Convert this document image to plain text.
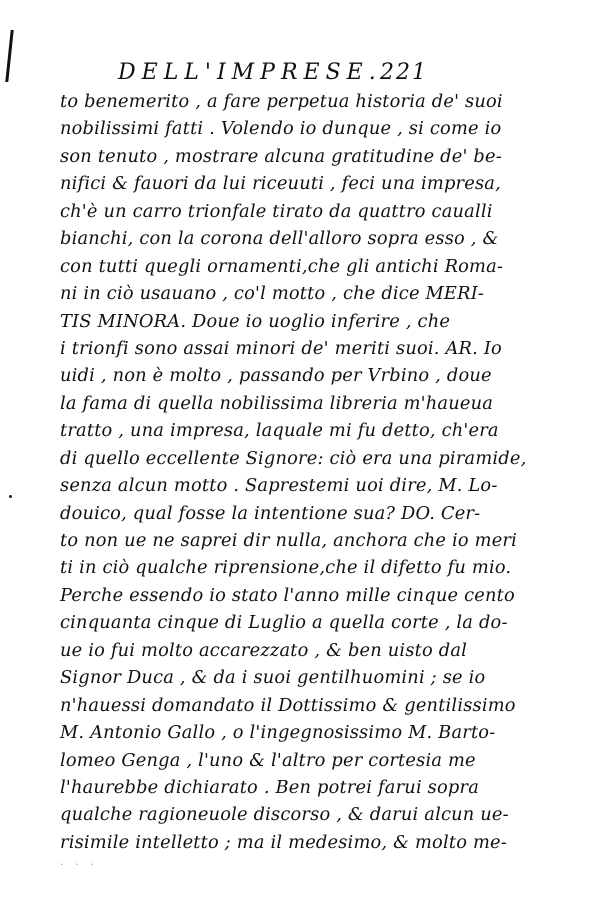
DELL'IMPRESE.
221
to benemerito , a fare perpetua historia de' suoi
nobilissimi fatti . Volendo io dunque , si come io
son tenuto , mostrare alcuna gratitudine de' be-
nifici & fauori da lui riceuuti , feci una impresa,
ch'è un carro trionfale tirato da quattro caualli
bianchi, con la corona dell'alloro sopra esso , &
con tutti quegli ornamenti,che gli antichi Roma-
ni in ciò usauano , co'l motto , che dice MERI-
TIS MINORA. Doue io uoglio inferire , che
i trionfi sono assai minori de' meriti suoi. AR. Io
uidi , non è molto , passando per Vrbino , doue
la fama di quella nobilissima libreria m'haueua
tratto , una impresa, laquale mi fu detto, ch'era
di quello eccellente Signore: ciò era una piramide,
senza alcun motto . Saprestemi uoi dire, M. Lo-
douico, qual fosse la intentione sua? DO. Cer-
to non ue ne saprei dir nulla, anchora che io meri
ti in ciò qualche riprensione,che il difetto fu mio.
Perche essendo io stato l'anno mille cinque cento
cinquanta cinque di Luglio a quella corte , la do-
ue io fui molto accarezzato , & ben uisto dal
Signor Duca , & da i suoi gentilhuomini ; se io
n'hauessi domandato il Dottissimo & gentilissimo
M. Antonio Gallo , o l'ingegnosissimo M. Barto-
lomeo Genga , l'uno & l'altro per cortesia me
l'haurebbe dichiarato . Ben potrei farui sopra
qualche ragioneuole discorso , & darui alcun ue-
risimile intelletto ; ma il medesimo, & molto me-
· · ·
